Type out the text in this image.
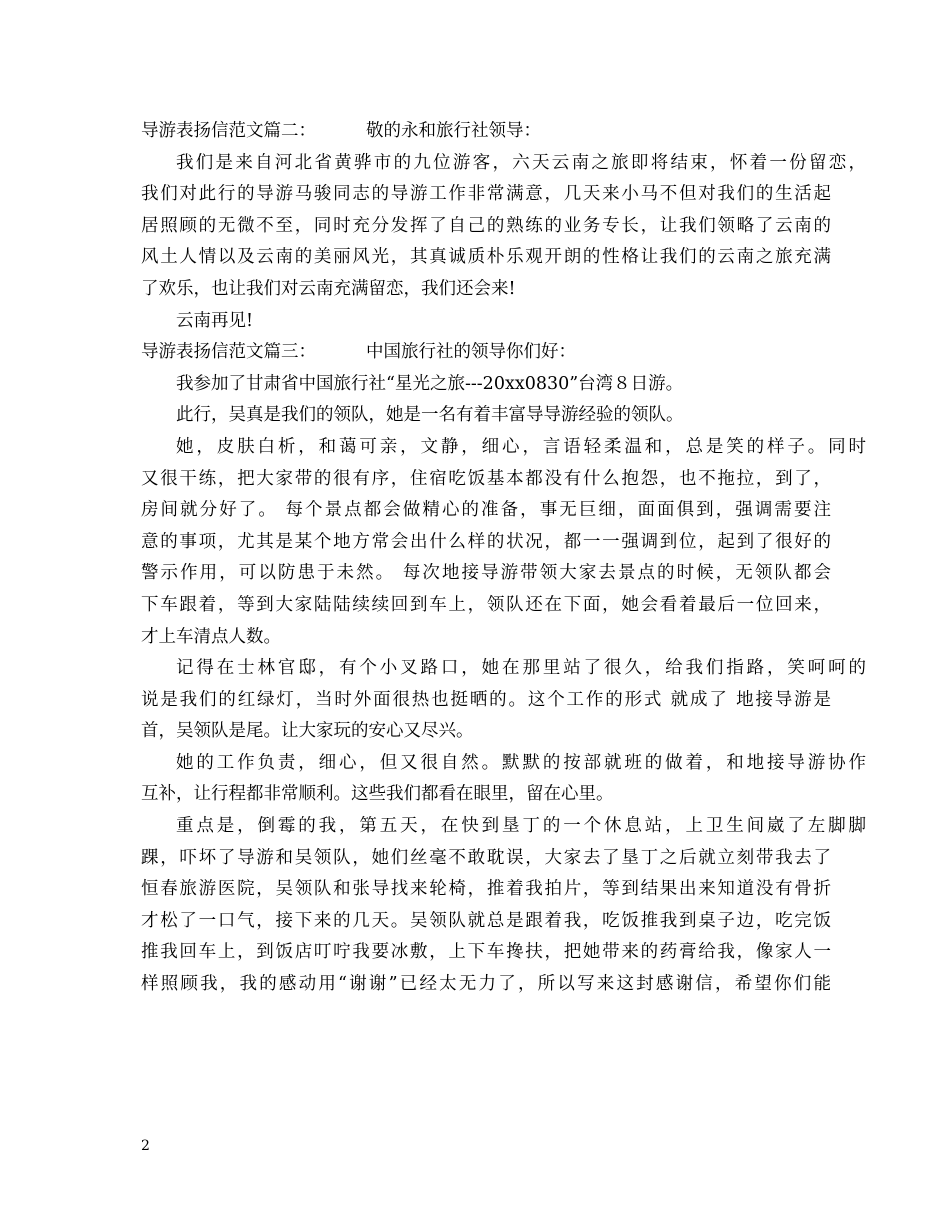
导游表扬信范文篇二：	敬的永和旅行社领导：
我们是来自河北省黄骅市的九位游客，六天云南之旅即将结束，怀着一份留恋，
我们对此行的导游马骏同志的导游工作非常满意，几天来小马不但对我们的生活起
居照顾的无微不至，同时充分发挥了自己的熟练的业务专长，让我们领略了云南的
风土人情以及云南的美丽风光，其真诚质朴乐观开朗的性格让我们的云南之旅充满
了欢乐，也让我们对云南充满留恋，我们还会来!
云南再见!
导游表扬信范文篇三：	中国旅行社的领导你们好：
我参加了甘肃省中国旅行社“星光之旅---20xx0830”台湾８日游。
此行，吴真是我们的领队，她是一名有着丰富导导游经验的领队。
她，皮肤白析，和蔼可亲，文静，细心，言语轻柔温和，总是笑的样子。同时
又很干练，把大家带的很有序，住宿吃饭基本都没有什么抱怨，也不拖拉，到了，
房间就分好了。 每个景点都会做精心的准备，事无巨细，面面俱到，强调需要注
意的事项，尤其是某个地方常会出什么样的状况，都一一强调到位，起到了很好的
警示作用，可以防患于未然。 每次地接导游带领大家去景点的时候，无领队都会
下车跟着，等到大家陆陆续续回到车上，领队还在下面，她会看着最后一位回来，
才上车清点人数。
记得在士林官邸，有个小叉路口，她在那里站了很久，给我们指路，笑呵呵的
说是我们的红绿灯，当时外面很热也挺晒的。这个工作的形式 就成了 地接导游是
首，吴领队是尾。让大家玩的安心又尽兴。
她的工作负责，细心，但又很自然。默默的按部就班的做着，和地接导游协作
互补，让行程都非常顺利。这些我们都看在眼里，留在心里。
重点是，倒霉的我，第五天，在快到垦丁的一个休息站，上卫生间崴了左脚脚
踝，吓坏了导游和吴领队，她们丝毫不敢耽误，大家去了垦丁之后就立刻带我去了
恒春旅游医院，吴领队和张导找来轮椅，推着我拍片，等到结果出来知道没有骨折
才松了一口气，接下来的几天。吴领队就总是跟着我，吃饭推我到桌子边，吃完饭
推我回车上，到饭店叮咛我要冰敷，上下车搀扶，把她带来的药膏给我，像家人一
样照顾我，我的感动用“谢谢”已经太无力了，所以写来这封感谢信，希望你们能
2
